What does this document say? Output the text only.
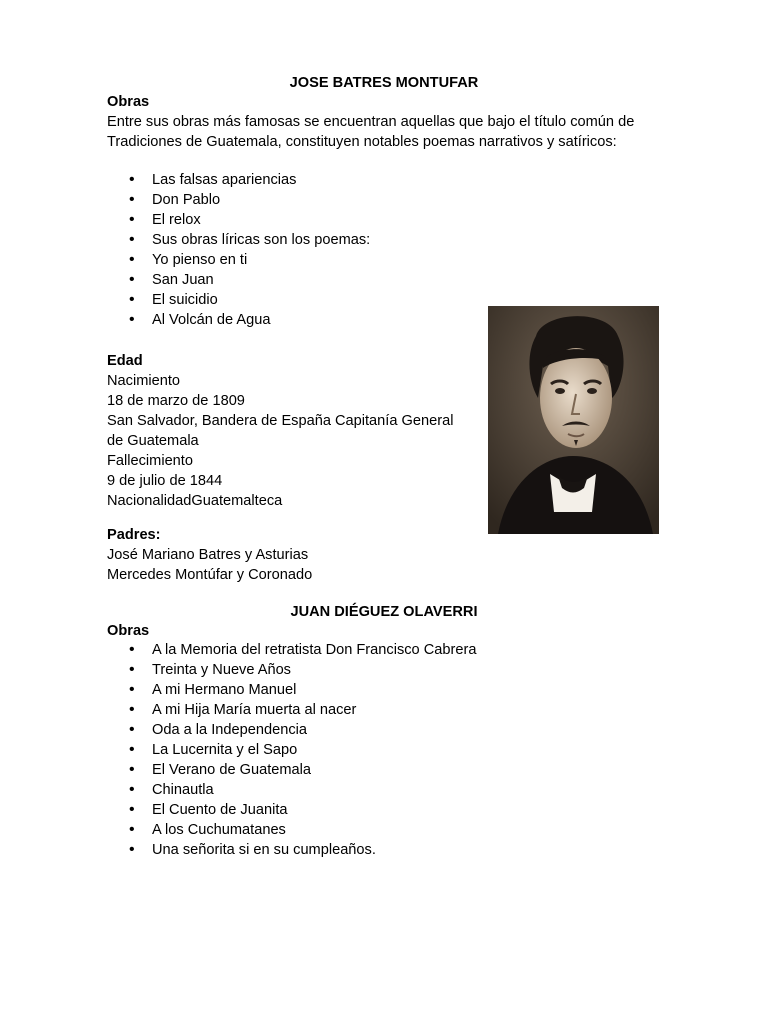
JOSE BATRES MONTUFAR
Obras
Entre sus obras más famosas se encuentran aquellas que bajo el título común de
Tradiciones de Guatemala, constituyen notables poemas narrativos y satíricos:
• Las falsas apariencias
• Don Pablo
• El relox
• Sus obras líricas son los poemas:
• Yo pienso en ti
• San Juan
• El suicidio
• Al Volcán de Agua
Edad
Nacimiento
18 de marzo de 1809
San Salvador, Bandera de España Capitanía General
de Guatemala
Fallecimiento
9 de julio de 1844
NacionalidadGuatemalteca
Padres:
José Mariano Batres y Asturias
Mercedes Montúfar y Coronado
JUAN DIÉGUEZ OLAVERRI
Obras
• A la Memoria del retratista Don Francisco Cabrera
• Treinta y Nueve Años
• A mi Hermano Manuel
• A mi Hija María muerta al nacer
• Oda a la Independencia
• La Lucernita y el Sapo
• El Verano de Guatemala
• Chinautla
• El Cuento de Juanita
• A los Cuchumatanes
• Una señorita si en su cumpleaños.
